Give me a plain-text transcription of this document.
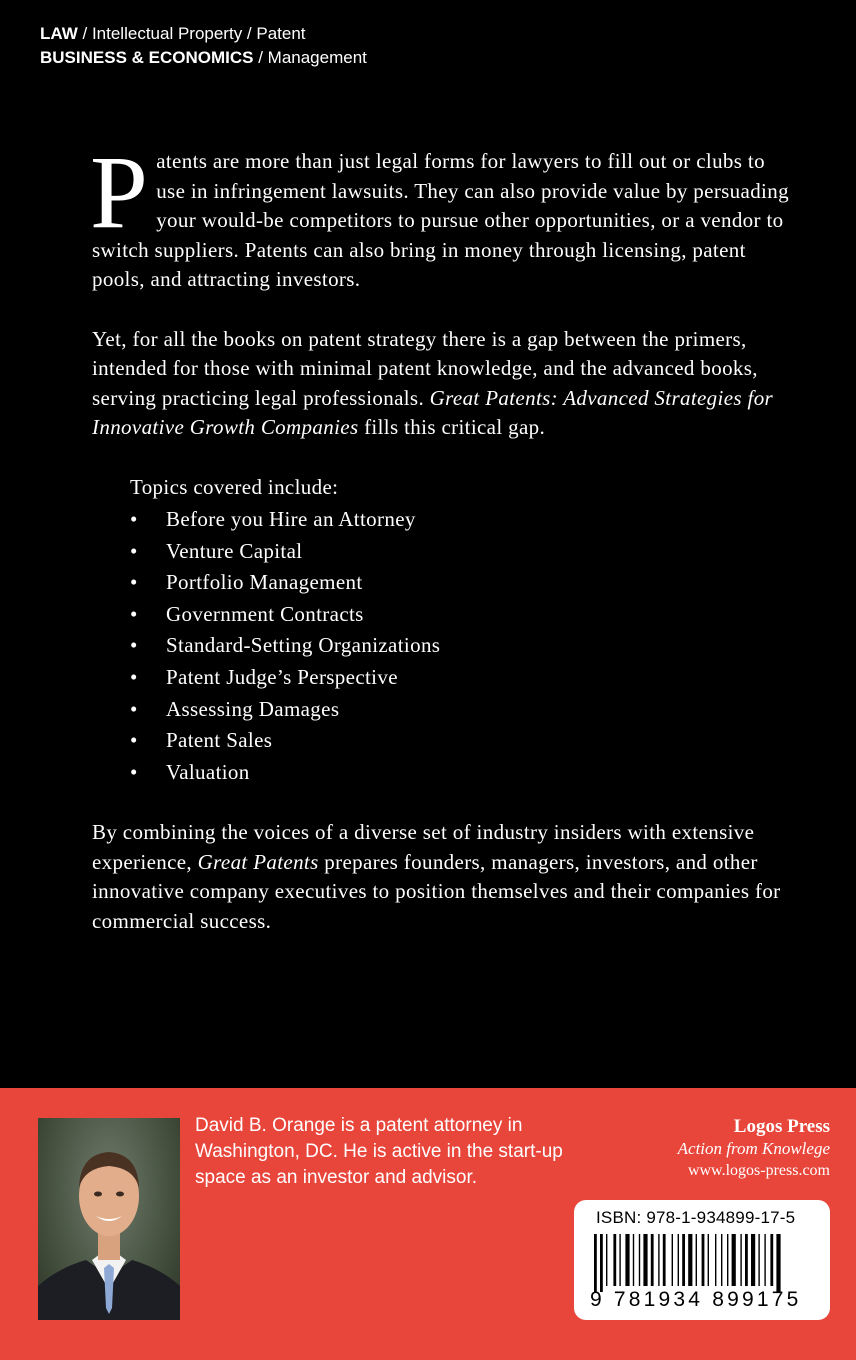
LAW / Intellectual Property / Patent
BUSINESS & ECONOMICS / Management

Patents are more than just legal forms for lawyers to fill out or clubs to use in infringement lawsuits. They can also provide value by persuading your would-be competitors to pursue other opportunities, or a vendor to switch suppliers. Patents can also bring in money through licensing, patent pools, and attracting investors.

Yet, for all the books on patent strategy there is a gap between the primers, intended for those with minimal patent knowledge, and the advanced books, serving practicing legal professionals. Great Patents: Advanced Strategies for Innovative Growth Companies fills this critical gap.

Topics covered include:

• Before you Hire an Attorney
• Venture Capital
• Portfolio Management
• Government Contracts
• Standard-Setting Organizations
• Patent Judge’s Perspective
• Assessing Damages
• Patent Sales
• Valuation

By combining the voices of a diverse set of industry insiders with extensive experience, Great Patents prepares founders, managers, investors, and other innovative company executives to position themselves and their companies for commercial success.

David B. Orange is a patent attorney in Washington, DC. He is active in the start-up space as an investor and advisor.
Logos Press
Action from Knowlege
www.logos-press.com
ISBN: 978-1-934899-17-5
9 781934 899175
